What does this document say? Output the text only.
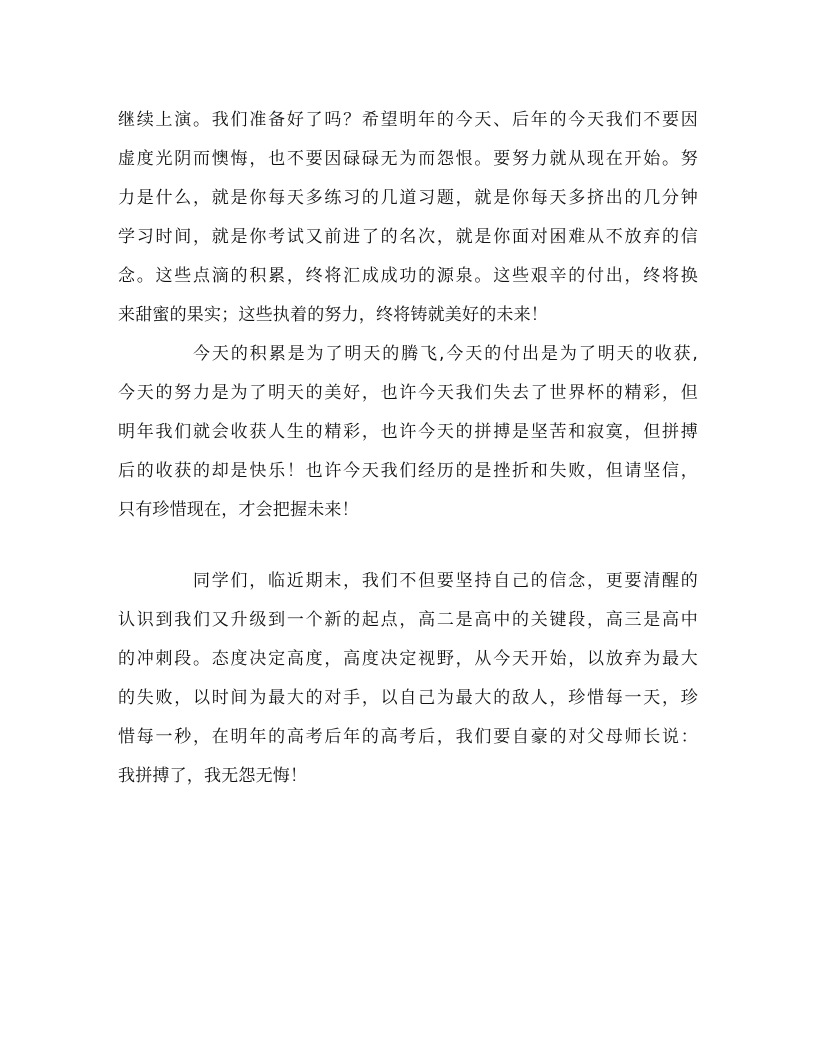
继续上演。我们准备好了吗？希望明年的今天、后年的今天我们不要因
虚度光阴而懊悔，也不要因碌碌无为而怨恨。要努力就从现在开始。努
力是什么，就是你每天多练习的几道习题，就是你每天多挤出的几分钟
学习时间，就是你考试又前进了的名次，就是你面对困难从不放弃的信
念。这些点滴的积累，终将汇成成功的源泉。这些艰辛的付出，终将换
来甜蜜的果实；这些执着的努力，终将铸就美好的未来！
今天的积累是为了明天的腾飞,今天的付出是为了明天的收获,
今天的努力是为了明天的美好，也许今天我们失去了世界杯的精彩，但
明年我们就会收获人生的精彩，也许今天的拼搏是坚苦和寂寞，但拼搏
后的收获的却是快乐！也许今天我们经历的是挫折和失败，但请坚信，
只有珍惜现在，才会把握未来！
同学们，临近期末，我们不但要坚持自己的信念，更要清醒的
认识到我们又升级到一个新的起点，高二是高中的关键段，高三是高中
的冲刺段。态度决定高度，高度决定视野，从今天开始，以放弃为最大
的失败，以时间为最大的对手，以自己为最大的敌人，珍惜每一天，珍
惜每一秒，在明年的高考后年的高考后，我们要自豪的对父母师长说：
我拼搏了，我无怨无悔！
